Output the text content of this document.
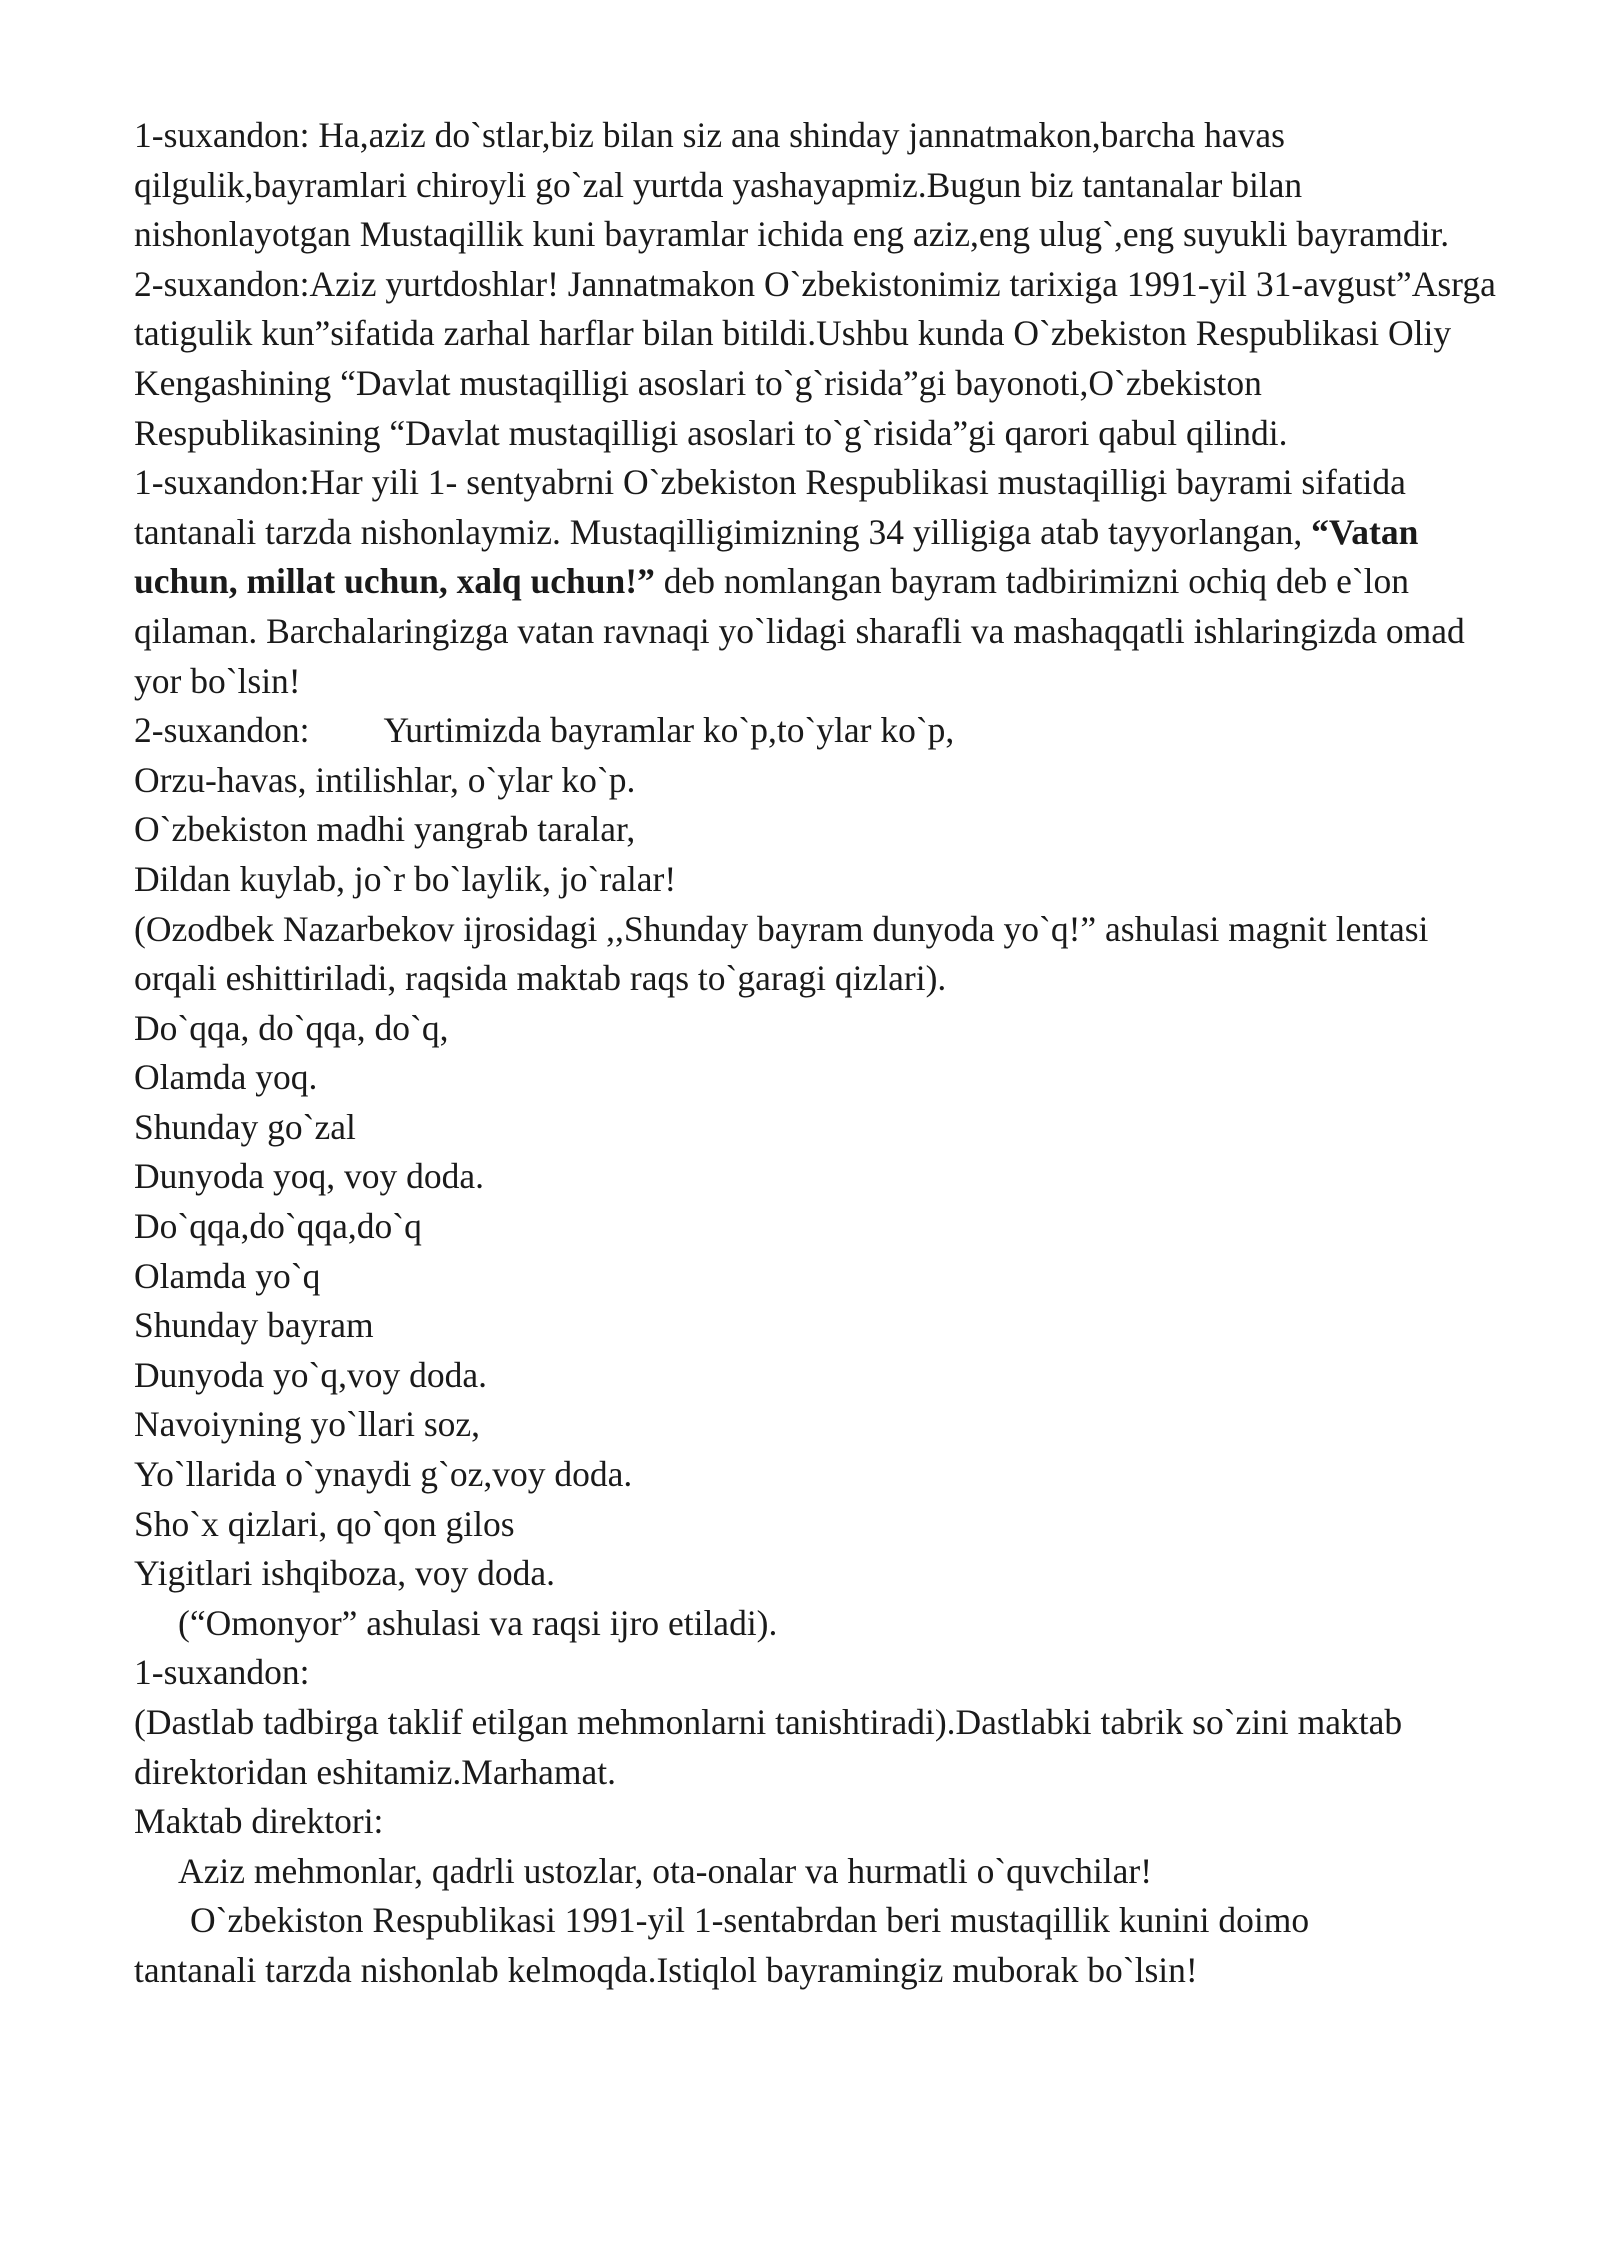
1-suxandon: Ha,aziz do`stlar,biz bilan siz ana shinday jannatmakon,barcha havas qilgulik,bayramlari chiroyli go`zal yurtda yashayapmiz.Bugun biz tantanalar bilan nishonlayotgan Mustaqillik kuni bayramlar ichida eng aziz,eng ulug`,eng suyukli bayramdir.

2-suxandon:Aziz yurtdoshlar! Jannatmakon O`zbekistonimiz tarixiga 1991-yil 31-avgust”Asrga tatigulik kun”sifatida zarhal harflar bilan bitildi.Ushbu kunda O`zbekiston Respublikasi Oliy Kengashining “Davlat mustaqilligi asoslari to`g`risida”gi bayonoti,O`zbekiston Respublikasining “Davlat mustaqilligi asoslari to`g`risida”gi qarori qabul qilindi.

1-suxandon:Har yili 1- sentyabrni O`zbekiston Respublikasi mustaqilligi bayrami sifatida tantanali tarzda nishonlaymiz. Mustaqilligimizning 34 yilligiga atab tayyorlangan, “Vatan uchun, millat uchun, xalq uchun!” deb nomlangan bayram tadbirimizni ochiq deb e`lon qilaman. Barchalaringizga vatan ravnaqi yo`lidagi sharafli va mashaqqatli ishlaringizda omad yor bo`lsin!

2-suxandon: Yurtimizda bayramlar ko`p,to`ylar ko`p,
Orzu-havas, intilishlar, o`ylar ko`p.
O`zbekiston madhi yangrab taralar,
Dildan kuylab, jo`r bo`laylik, jo`ralar!

(Ozodbek Nazarbekov ijrosidagi ,,Shunday bayram dunyoda yo`q!” ashulasi magnit lentasi orqali eshittiriladi, raqsida maktab raqs to`garagi qizlari).

Do`qqa, do`qqa, do`q,
Olamda yoq.
Shunday go`zal
Dunyoda yoq, voy doda.
Do`qqa,do`qqa,do`q
Olamda yo`q
Shunday bayram
Dunyoda yo`q,voy doda.
Navoiyning yo`llari soz,
Yo`llarida o`ynaydi g`oz,voy doda.
Sho`x qizlari, qo`qon gilos
Yigitlari ishqiboza, voy doda.

(“Omonyor” ashulasi va raqsi ijro etiladi).

1-suxandon:

(Dastlab tadbirga taklif etilgan mehmonlarni tanishtiradi).Dastlabki tabrik so`zini maktab direktoridan eshitamiz.Marhamat.

Maktab direktori:

Aziz mehmonlar, qadrli ustozlar, ota-onalar va hurmatli o`quvchilar!

O`zbekiston Respublikasi 1991-yil 1-sentabrdan beri mustaqillik kunini doimo
tantanali tarzda nishonlab kelmoqda.Istiqlol bayramingiz muborak bo`lsin!
